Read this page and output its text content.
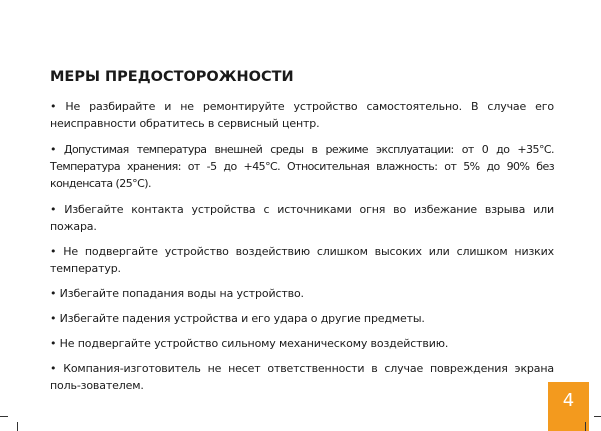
МЕРЫ ПРЕДОСТОРОЖНОСТИ

• Не разбирайте и не ремонтируйте устройство самостоятельно. В случае его неисправности обратитесь в сервисный центр.

• Допустимая температура внешней среды в режиме эксплуатации: от 0 до +35°С. Температура хранения: от -5 до +45°С. Относительная влажность: от 5% до 90% без конденсата (25°С).

• Избегайте контакта устройства с источниками огня во избежание взрыва или пожара.

• Не подвергайте устройство воздействию слишком высоких или слишком низких температур.

• Избегайте попадания воды на устройство.

• Избегайте падения устройства и его удара о другие предметы.

• Не подвергайте устройство сильному механическому воздействию.

• Компания-изготовитель не несет ответственности в случае повреждения экрана поль-зователем.

4
